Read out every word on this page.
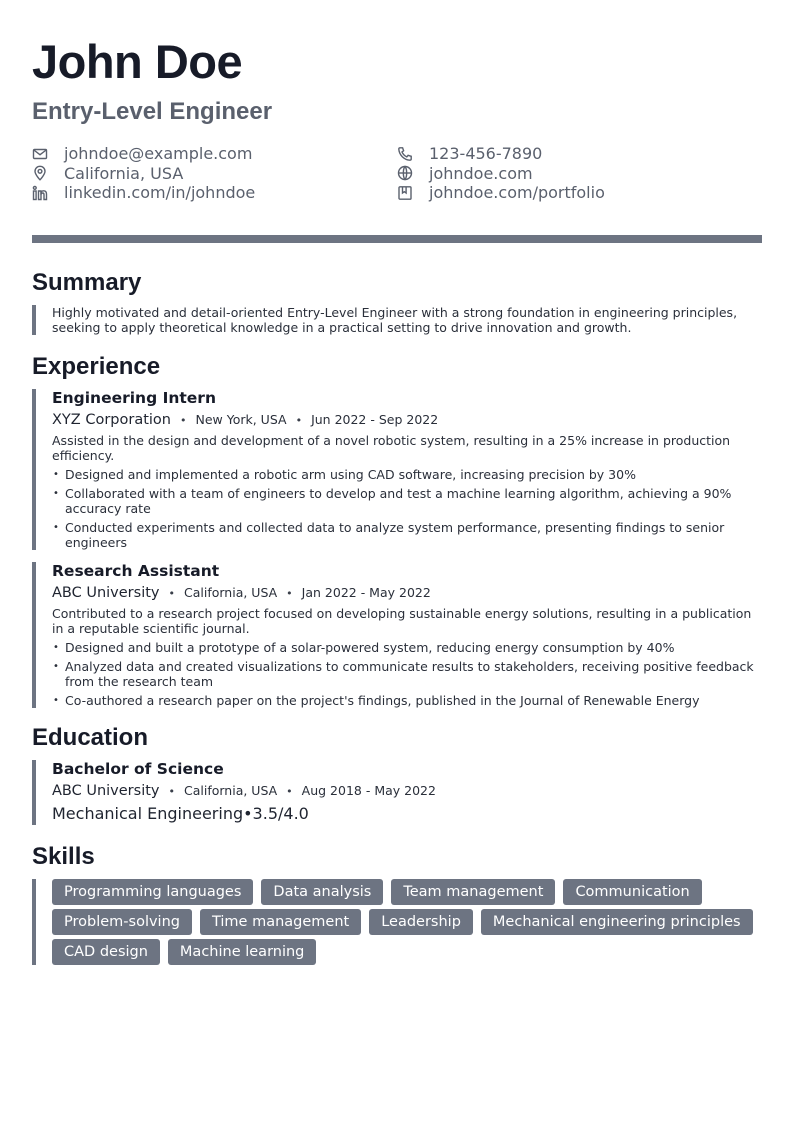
John Doe
Entry-Level Engineer
johndoe@example.com	123-456-7890
California, USA	johndoe.com
linkedin.com/in/johndoe	johndoe.com/portfolio
Summary
Highly motivated and detail-oriented Entry-Level Engineer with a strong foundation in engineering principles, seeking to apply theoretical knowledge in a practical setting to drive innovation and growth.
Experience
Engineering Intern
XYZ Corporation • New York, USA • Jun 2022 - Sep 2022
Assisted in the design and development of a novel robotic system, resulting in a 25% increase in production efficiency.
• Designed and implemented a robotic arm using CAD software, increasing precision by 30%
• Collaborated with a team of engineers to develop and test a machine learning algorithm, achieving a 90% accuracy rate
• Conducted experiments and collected data to analyze system performance, presenting findings to senior engineers
Research Assistant
ABC University • California, USA • Jan 2022 - May 2022
Contributed to a research project focused on developing sustainable energy solutions, resulting in a publication in a reputable scientific journal.
• Designed and built a prototype of a solar-powered system, reducing energy consumption by 40%
• Analyzed data and created visualizations to communicate results to stakeholders, receiving positive feedback from the research team
• Co-authored a research paper on the project's findings, published in the Journal of Renewable Energy
Education
Bachelor of Science
ABC University • California, USA • Aug 2018 - May 2022
Mechanical Engineering • 3.5/4.0
Skills
Programming languages	Data analysis	Team management	Communication
Problem-solving	Time management	Leadership	Mechanical engineering principles
CAD design	Machine learning
